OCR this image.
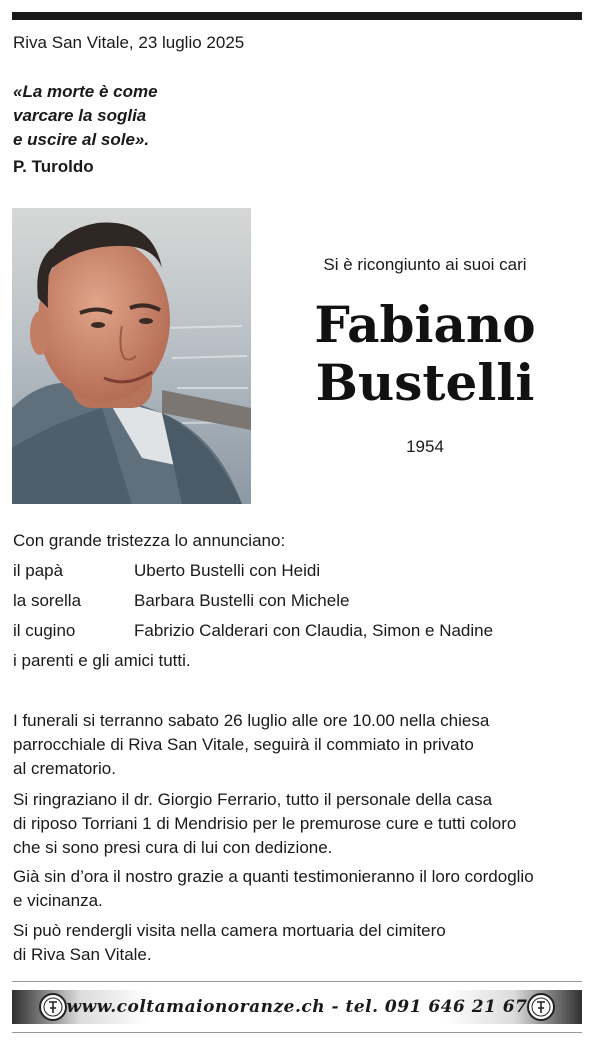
Riva San Vitale, 23 luglio 2025
«La morte è come
varcare la soglia
e uscire al sole».
P. Turoldo
Si è ricongiunto ai suoi cari
Fabiano
Bustelli
1954
Con grande tristezza lo annunciano:
il papà	Uberto Bustelli con Heidi
la sorella	Barbara Bustelli con Michele
il cugino	Fabrizio Calderari con Claudia, Simon e Nadine
i parenti e gli amici tutti.
I funerali si terranno sabato 26 luglio alle ore 10.00 nella chiesa
parrocchiale di Riva San Vitale, seguirà il commiato in privato
al crematorio.
Si ringraziano il dr. Giorgio Ferrario, tutto il personale della casa
di riposo Torriani 1 di Mendrisio per le premurose cure e tutti coloro
che si sono presi cura di lui con dedizione.
Già sin d’ora il nostro grazie a quanti testimonieranno il loro cordoglio
e vicinanza.
Si può rendergli visita nella camera mortuaria del cimitero
di Riva San Vitale.
www.coltamaionoranze.ch - tel. 091 646 21 67
